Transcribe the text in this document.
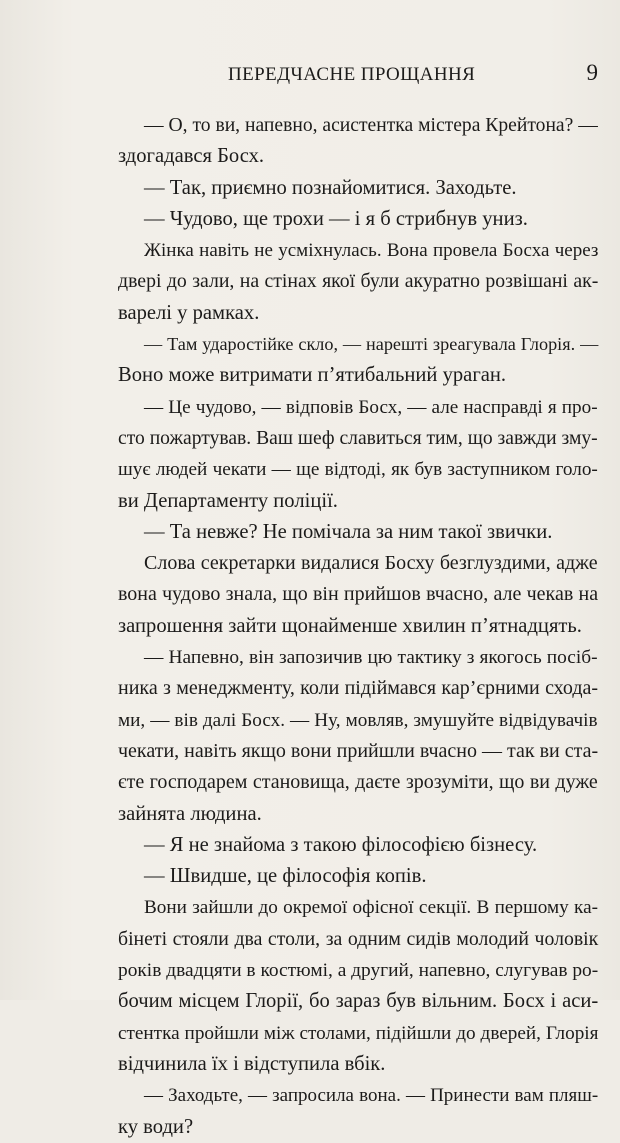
ПЕРЕДЧАСНЕ ПРОЩАННЯ	9
— О, то ви, напевно, асистентка містера Крейтона? —
здогадався Босх.
— Так, приємно познайомитися. Заходьте.
— Чудово, ще трохи — і я б стрибнув униз.
Жінка навіть не усміхнулась. Вона провела Босха через
двері до зали, на стінах якої були акуратно розвішані ак-
варелі у рамках.
— Там ударостійке скло, — нарешті зреагувала Глорія. —
Воно може витримати п’ятибальний ураган.
— Це чудово, — відповів Босх, — але насправді я про-
сто пожартував. Ваш шеф славиться тим, що завжди зму-
шує людей чекати — ще відтоді, як був заступником голо-
ви Департаменту поліції.
— Та невже? Не помічала за ним такої звички.
Слова секретарки видалися Босху безглуздими, адже
вона чудово знала, що він прийшов вчасно, але чекав на
запрошення зайти щонайменше хвилин п’ятнадцять.
— Напевно, він запозичив цю тактику з якогось посіб-
ника з менеджменту, коли підіймався кар’єрними схода-
ми, — вів далі Босх. — Ну, мовляв, змушуйте відвідувачів
чекати, навіть якщо вони прийшли вчасно — так ви ста-
єте господарем становища, даєте зрозуміти, що ви дуже
зайнята людина.
— Я не знайома з такою філософією бізнесу.
— Швидше, це філософія копів.
Вони зайшли до окремої офісної секції. В першому ка-
бінеті стояли два столи, за одним сидів молодий чоловік
років двадцяти в костюмі, а другий, напевно, слугував ро-
бочим місцем Глорії, бо зараз був вільним. Босх і аси-
стентка пройшли між столами, підійшли до дверей, Глорія
відчинила їх і відступила вбік.
— Заходьте, — запросила вона. — Принести вам пляш-
ку води?
